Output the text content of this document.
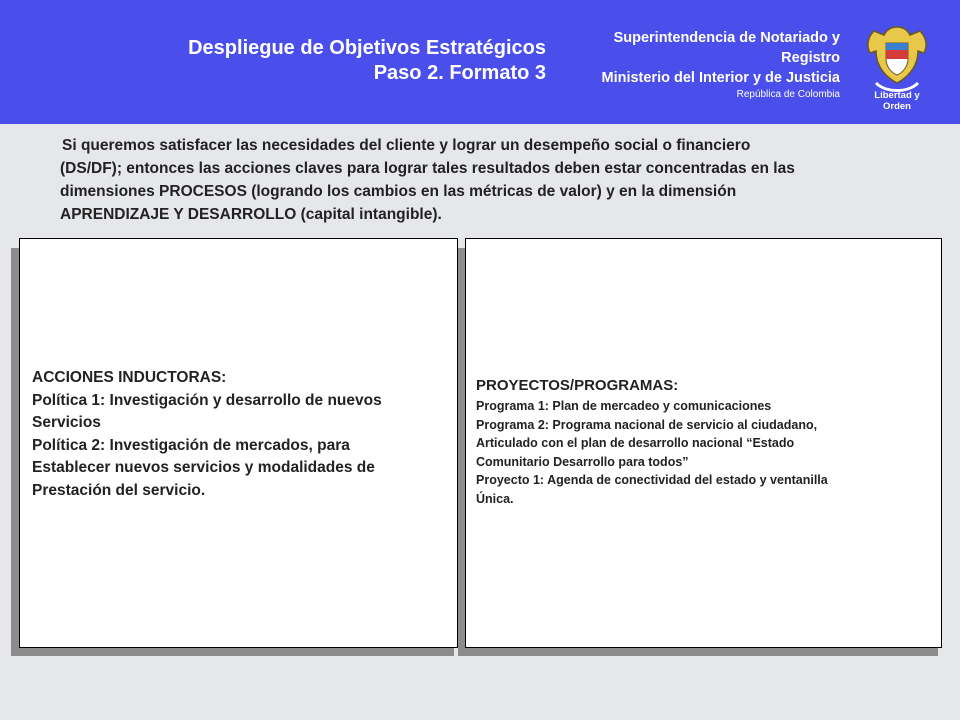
Despliegue de Objetivos Estratégicos
Paso 2. Formato 3
Superintendencia de Notariado y Registro
Ministerio del Interior y de Justicia
República de Colombia	Libertad y Orden
Si queremos satisfacer las necesidades del cliente y lograr un desempeño social o financiero
(DS/DF); entonces las acciones claves para lograr tales resultados deben estar concentradas en las
dimensiones PROCESOS (logrando los cambios en las métricas de valor) y en la dimensión
APRENDIZAJE Y DESARROLLO (capital intangible).
ACCIONES INDUCTORAS:
Política 1: Investigación y desarrollo de nuevos
Servicios
Política 2: Investigación de mercados, para
Establecer nuevos servicios y modalidades de
Prestación del servicio.
PROYECTOS/PROGRAMAS:
Programa 1: Plan de mercadeo y comunicaciones
Programa 2: Programa nacional de servicio al ciudadano,
Articulado con el plan de desarrollo nacional “Estado
Comunitario Desarrollo para todos”
Proyecto 1: Agenda de conectividad del estado y ventanilla
Única.
